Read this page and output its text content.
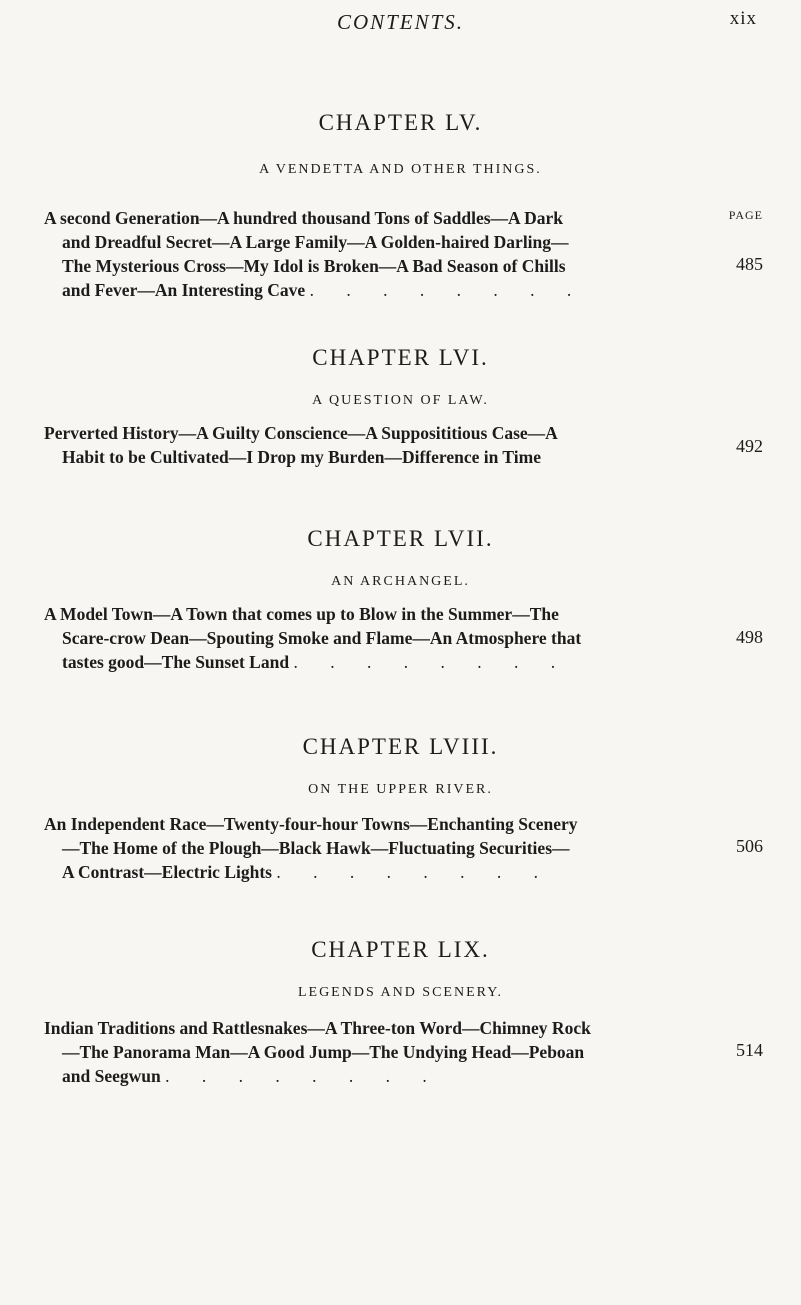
CONTENTS.	xix
CHAPTER LV.
A VENDETTA AND OTHER THINGS.
PAGE
A second Generation—A hundred thousand Tons of Saddles—A Dark
and Dreadful Secret—A Large Family—A Golden-haired Darling—
The Mysterious Cross—My Idol is Broken—A Bad Season of Chills
and Fever—An Interesting Cave . . . . . . . .
485
CHAPTER LVI.
A QUESTION OF LAW.
Perverted History—A Guilty Conscience—A Supposititious Case—A
Habit to be Cultivated—I Drop my Burden—Difference in Time
492
CHAPTER LVII.
AN ARCHANGEL.
A Model Town—A Town that comes up to Blow in the Summer—The
Scare-crow Dean—Spouting Smoke and Flame—An Atmosphere that
tastes good—The Sunset Land . . . . . . . .
498
CHAPTER LVIII.
ON THE UPPER RIVER.
An Independent Race—Twenty-four-hour Towns—Enchanting Scenery
—The Home of the Plough—Black Hawk—Fluctuating Securities—
A Contrast—Electric Lights . . . . . . . .
506
CHAPTER LIX.
LEGENDS AND SCENERY.
Indian Traditions and Rattlesnakes—A Three-ton Word—Chimney Rock
—The Panorama Man—A Good Jump—The Undying Head—Peboan
and Seegwun . . . . . . . .
514
